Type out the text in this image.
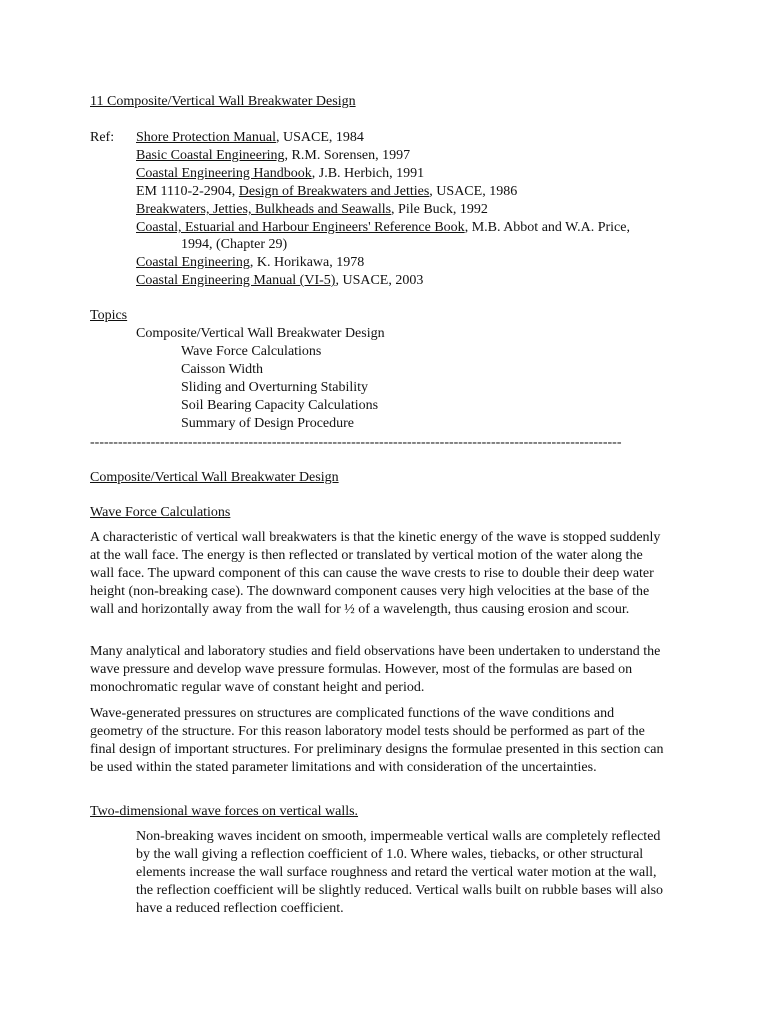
11 Composite/Vertical Wall Breakwater Design
Ref: Shore Protection Manual, USACE, 1984
Basic Coastal Engineering, R.M. Sorensen, 1997
Coastal Engineering Handbook, J.B. Herbich, 1991
EM 1110-2-2904, Design of Breakwaters and Jetties, USACE, 1986
Breakwaters, Jetties, Bulkheads and Seawalls, Pile Buck, 1992
Coastal, Estuarial and Harbour Engineers' Reference Book, M.B. Abbot and W.A. Price,
1994, (Chapter 29)
Coastal Engineering, K. Horikawa, 1978
Coastal Engineering Manual (VI-5), USACE, 2003
Topics
Composite/Vertical Wall Breakwater Design
Wave Force Calculations
Caisson Width
Sliding and Overturning Stability
Soil Bearing Capacity Calculations
Summary of Design Procedure
------------------------------------------------------------------------------------------------------------------
Composite/Vertical Wall Breakwater Design
Wave Force Calculations
A characteristic of vertical wall breakwaters is that the kinetic energy of the wave is stopped suddenly at the wall face. The energy is then reflected or translated by vertical motion of the water along the wall face. The upward component of this can cause the wave crests to rise to double their deep water height (non-breaking case). The downward component causes very high velocities at the base of the wall and horizontally away from the wall for ½ of a wavelength, thus causing erosion and scour.
Many analytical and laboratory studies and field observations have been undertaken to understand the wave pressure and develop wave pressure formulas. However, most of the formulas are based on monochromatic regular wave of constant height and period.
Wave-generated pressures on structures are complicated functions of the wave conditions and geometry of the structure. For this reason laboratory model tests should be performed as part of the final design of important structures. For preliminary designs the formulae presented in this section can be used within the stated parameter limitations and with consideration of the uncertainties.
Two-dimensional wave forces on vertical walls.
Non-breaking waves incident on smooth, impermeable vertical walls are completely reflected by the wall giving a reflection coefficient of 1.0. Where wales, tiebacks, or other structural elements increase the wall surface roughness and retard the vertical water motion at the wall, the reflection coefficient will be slightly reduced. Vertical walls built on rubble bases will also have a reduced reflection coefficient.
